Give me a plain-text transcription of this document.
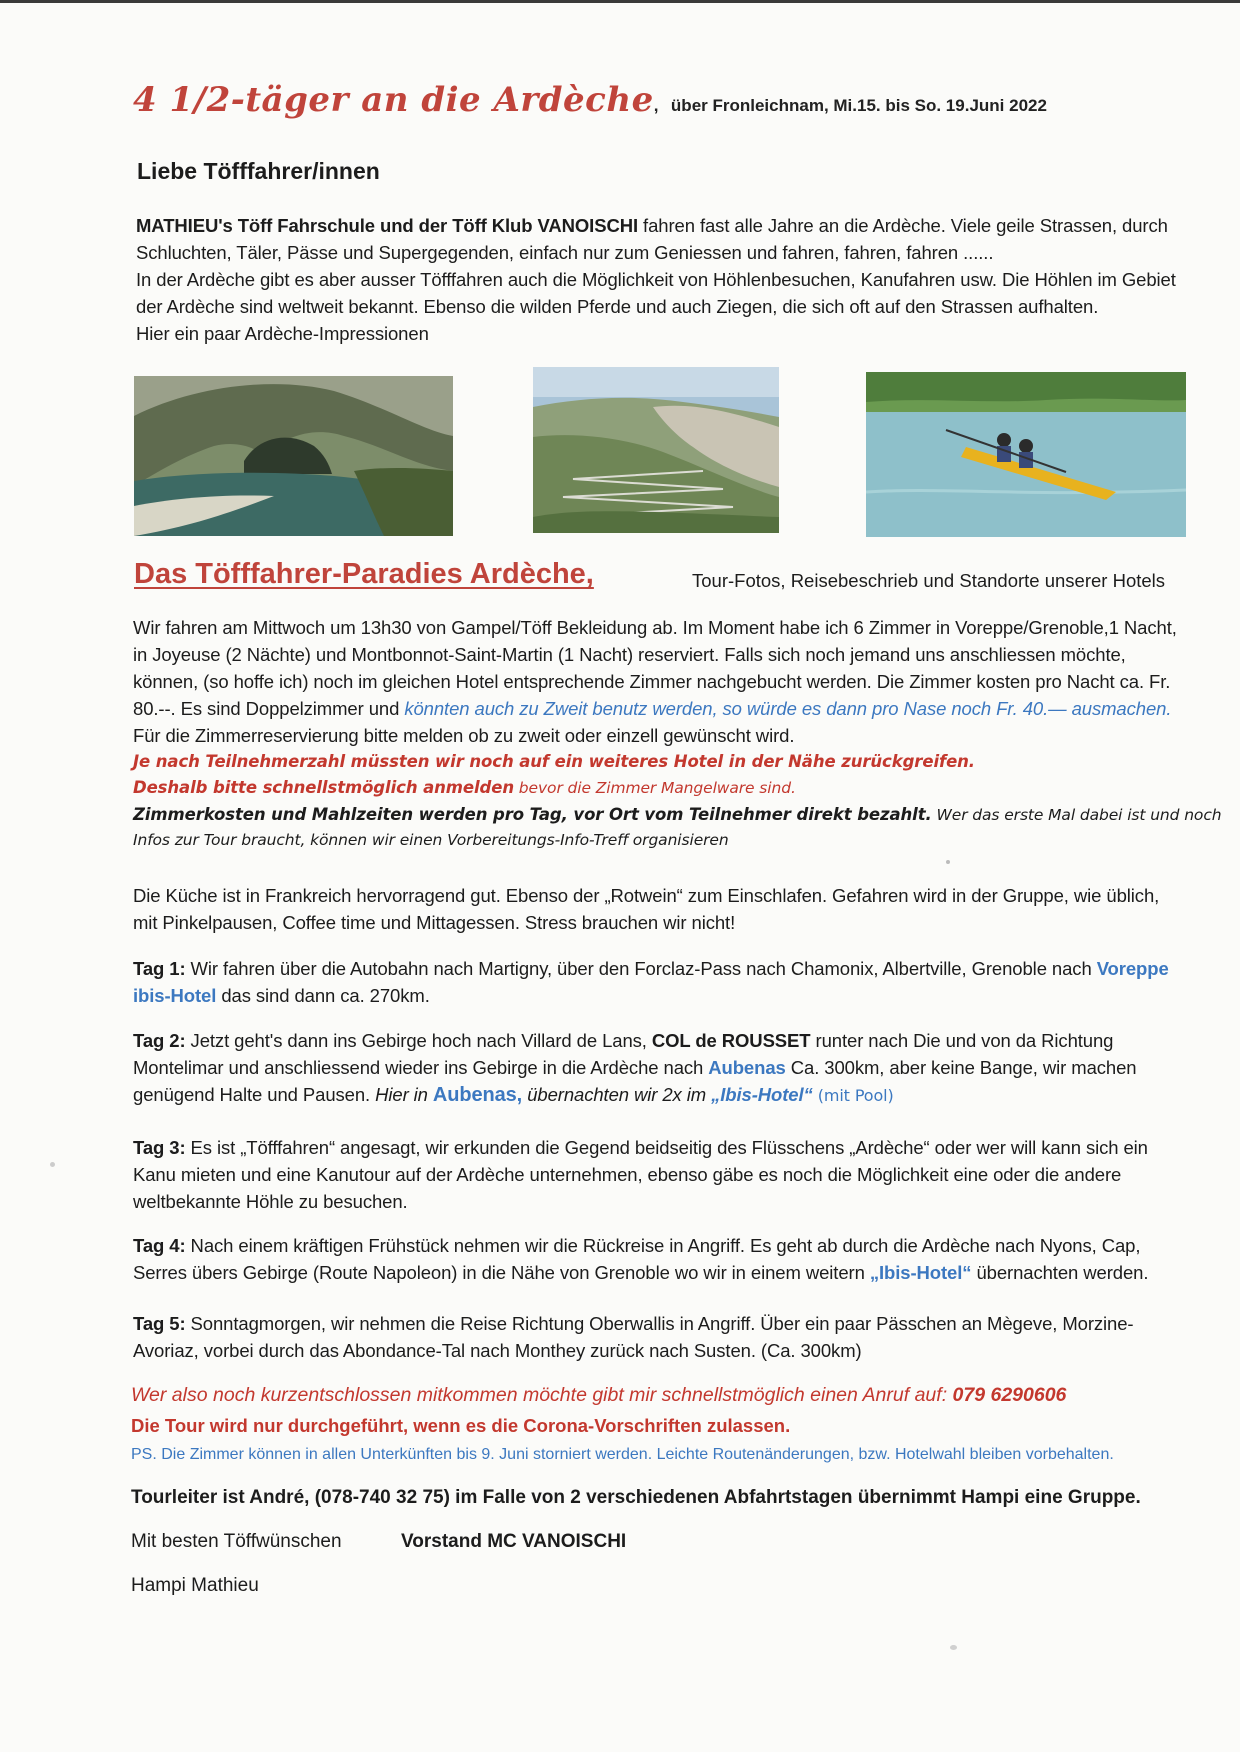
4 1/2-täger an die Ardèche, über Fronleichnam, Mi.15. bis So. 19.Juni 2022
Liebe Töfffahrer/innen
MATHIEU's Töff Fahrschule und der Töff Klub VANOISCHI fahren fast alle Jahre an die Ardèche. Viele geile Strassen, durch
Schluchten, Täler, Pässe und Supergegenden, einfach nur zum Geniessen und fahren, fahren, fahren ......
In der Ardèche gibt es aber ausser Töfffahren auch die Möglichkeit von Höhlenbesuchen, Kanufahren usw. Die Höhlen im Gebiet
der Ardèche sind weltweit bekannt. Ebenso die wilden Pferde und auch Ziegen, die sich oft auf den Strassen aufhalten.
Hier ein paar Ardèche-Impressionen
Das Töfffahrer-Paradies Ardèche,	Tour-Fotos, Reisebeschrieb und Standorte unserer Hotels
Wir fahren am Mittwoch um 13h30 von Gampel/Töff Bekleidung ab. Im Moment habe ich 6 Zimmer in Voreppe/Grenoble,1 Nacht,
in Joyeuse (2 Nächte) und Montbonnot-Saint-Martin (1 Nacht) reserviert. Falls sich noch jemand uns anschliessen möchte,
können, (so hoffe ich) noch im gleichen Hotel entsprechende Zimmer nachgebucht werden. Die Zimmer kosten pro Nacht ca. Fr.
80.--. Es sind Doppelzimmer und könnten auch zu Zweit benutz werden, so würde es dann pro Nase noch Fr. 40.— ausmachen.
Für die Zimmerreservierung bitte melden ob zu zweit oder einzell gewünscht wird.
Je nach Teilnehmerzahl müssten wir noch auf ein weiteres Hotel in der Nähe zurückgreifen.
Deshalb bitte schnellstmöglich anmelden bevor die Zimmer Mangelware sind.
Zimmerkosten und Mahlzeiten werden pro Tag, vor Ort vom Teilnehmer direkt bezahlt. Wer das erste Mal dabei ist und noch
Infos zur Tour braucht, können wir einen Vorbereitungs-Info-Treff organisieren
Die Küche ist in Frankreich hervorragend gut. Ebenso der „Rotwein“ zum Einschlafen. Gefahren wird in der Gruppe, wie üblich,
mit Pinkelpausen, Coffee time und Mittagessen. Stress brauchen wir nicht!
Tag 1: Wir fahren über die Autobahn nach Martigny, über den Forclaz-Pass nach Chamonix, Albertville, Grenoble nach Voreppe
ibis-Hotel das sind dann ca. 270km.
Tag 2: Jetzt geht's dann ins Gebirge hoch nach Villard de Lans, COL de ROUSSET runter nach Die und von da Richtung
Montelimar und anschliessend wieder ins Gebirge in die Ardèche nach Aubenas Ca. 300km, aber keine Bange, wir machen
genügend Halte und Pausen. Hier in Aubenas, übernachten wir 2x im „Ibis-Hotel“ (mit Pool)
Tag 3: Es ist „Töfffahren“ angesagt, wir erkunden die Gegend beidseitig des Flüsschens „Ardèche“ oder wer will kann sich ein
Kanu mieten und eine Kanutour auf der Ardèche unternehmen, ebenso gäbe es noch die Möglichkeit eine oder die andere
weltbekannte Höhle zu besuchen.
Tag 4: Nach einem kräftigen Frühstück nehmen wir die Rückreise in Angriff. Es geht ab durch die Ardèche nach Nyons, Cap,
Serres übers Gebirge (Route Napoleon) in die Nähe von Grenoble wo wir in einem weitern „Ibis-Hotel“ übernachten werden.
Tag 5: Sonntagmorgen, wir nehmen die Reise Richtung Oberwallis in Angriff. Über ein paar Pässchen an Mègeve, Morzine-
Avoriaz, vorbei durch das Abondance-Tal nach Monthey zurück nach Susten. (Ca. 300km)
Wer also noch kurzentschlossen mitkommen möchte gibt mir schnellstmöglich einen Anruf auf: 079 6290606
Die Tour wird nur durchgeführt, wenn es die Corona-Vorschriften zulassen.
PS. Die Zimmer können in allen Unterkünften bis 9. Juni storniert werden. Leichte Routenänderungen, bzw. Hotelwahl bleiben vorbehalten.
Tourleiter ist André, (078-740 32 75) im Falle von 2 verschiedenen Abfahrtstagen übernimmt Hampi eine Gruppe.
Mit besten Töffwünschen	Vorstand MC VANOISCHI
Hampi Mathieu
